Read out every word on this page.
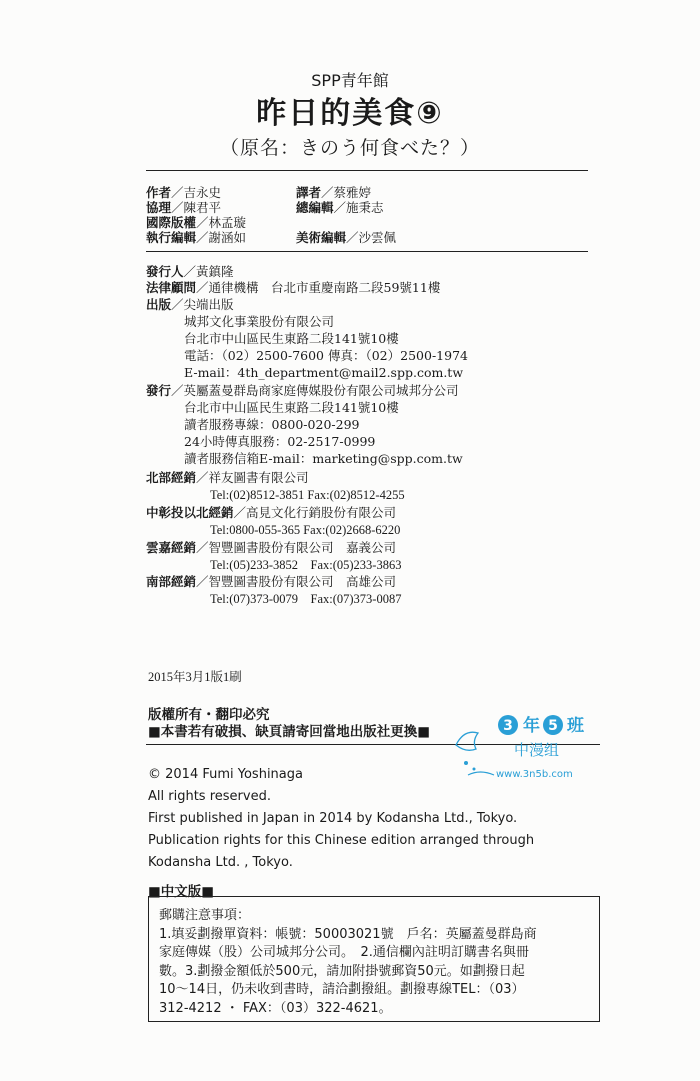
SPP青年館
昨日的美食⑨
（原名：きのう何食べた？）
作者／吉永史	譯者／蔡雅婷
協理／陳君平	總編輯／施秉志
國際版權／林孟璇
執行編輯／謝涵如	美術編輯／沙雲佩
發行人／黃鎮隆
法律顧問／通律機構　台北市重慶南路二段59號11樓
出版／尖端出版
城邦文化事業股份有限公司
台北市中山區民生東路二段141號10樓
電話：（02）2500-7600 傳真：（02）2500-1974
E-mail：4th_department@mail2.spp.com.tw
發行／英屬蓋曼群島商家庭傳媒股份有限公司城邦分公司
台北市中山區民生東路二段141號10樓
讀者服務專線：0800-020-299
24小時傳真服務：02-2517-0999
讀者服務信箱E-mail：marketing@spp.com.tw
北部經銷／祥友圖書有限公司
Tel:(02)8512-3851 Fax:(02)8512-4255
中彰投以北經銷／高見文化行銷股份有限公司
Tel:0800-055-365 Fax:(02)2668-6220
雲嘉經銷／智豐圖書股份有限公司　嘉義公司
Tel:(05)233-3852　Fax:(05)233-3863
南部經銷／智豐圖書股份有限公司　高雄公司
Tel:(07)373-0079　Fax:(07)373-0087
2015年3月1版1刷
版權所有・翻印必究
■本書若有破損、缺頁請寄回當地出版社更換■	3 年 5 班
中漫组
www.3n5b.com
© 2014 Fumi Yoshinaga
All rights reserved.
First published in Japan in 2014 by Kodansha Ltd., Tokyo.
Publication rights for this Chinese edition arranged through
Kodansha Ltd. , Tokyo.
■中文版■
郵購注意事項：
1.填妥劃撥單資料：帳號：50003021號　戶名：英屬蓋曼群島商
家庭傳媒（股）公司城邦分公司。　2.通信欄內註明訂購書名與冊
數。3.劃撥金額低於500元，請加附掛號郵資50元。如劃撥日起
10～14日，仍未收到書時，請洽劃撥組。劃撥專線TEL：（03）
312-4212 ・ FAX：（03）322-4621。
